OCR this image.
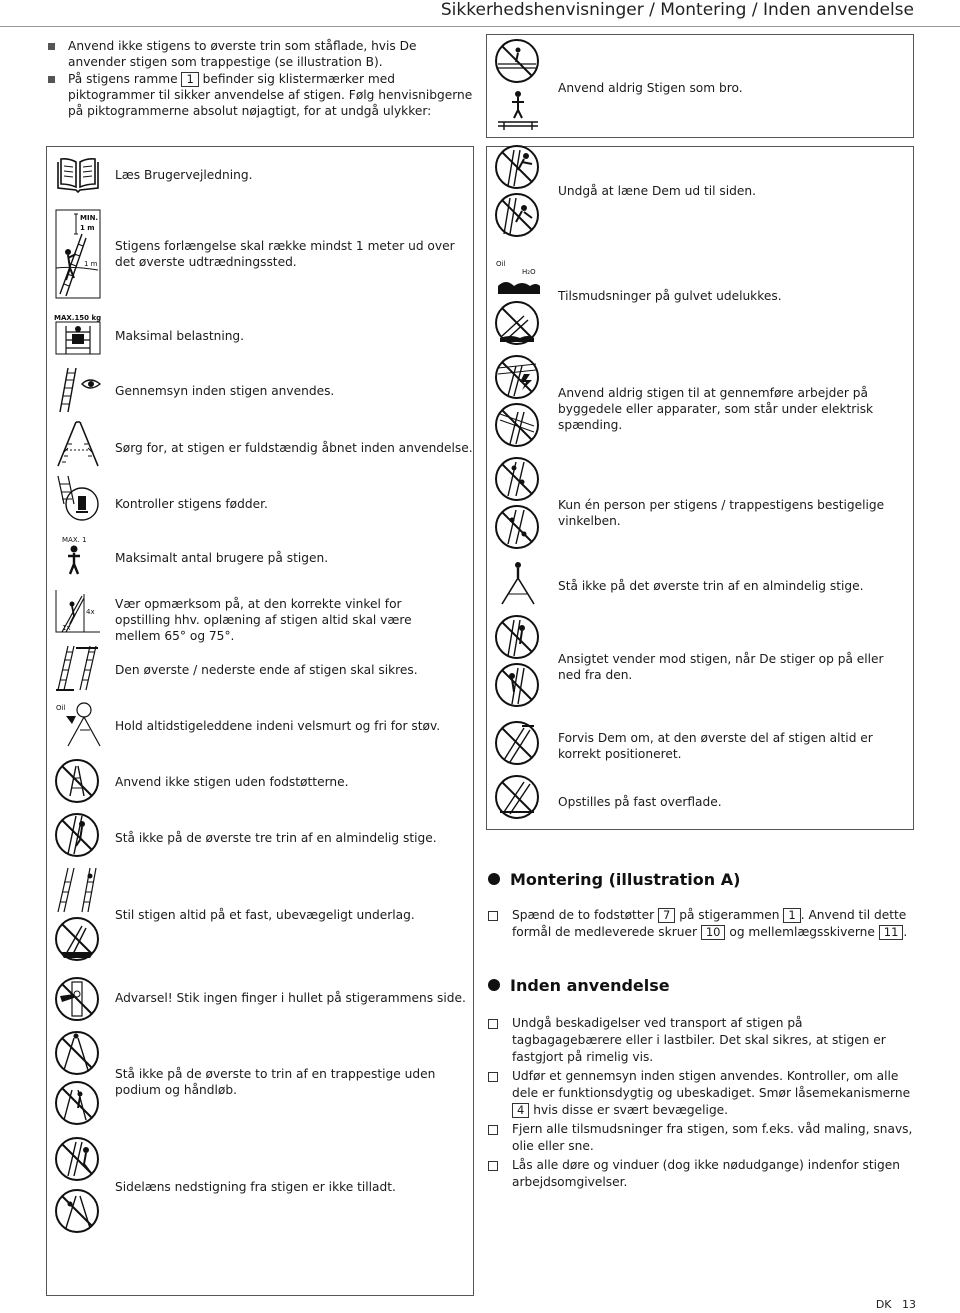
Sikkerhedshenvisninger / Montering / Inden anvendelse
Anvend ikke stigens to øverste trin som ståflade, hvis De anvender stigen som trappestige (se illustration B).
På stigens ramme 1 befinder sig klistermærker med piktogrammer til sikker anvendelse af stigen. Følg henvisnibgerne på piktogrammerne absolut nøjagtigt, for at undgå ulykker:
Læs Brugervejledning.
MIN.
1 m
1 m
Stigens forlængelse skal række mindst 1 meter ud over det øverste udtrædningssted.
MAX.150 kg
Maksimal belastning.
Gennemsyn inden stigen anvendes.
Sørg for, at stigen er fuldstændig åbnet inden anvendelse.
Kontroller stigens fødder.
MAX. 1
Maksimalt antal brugere på stigen.
4x
1x
Vær opmærksom på, at den korrekte vinkel for opstilling hhv. oplæning af stigen altid skal være mellem 65° og 75°.
Den øverste / nederste ende af stigen skal sikres.
Oil
Hold altidstigeleddene indeni velsmurt og fri for støv.
Anvend ikke stigen uden fodstøtterne.
Stå ikke på de øverste tre trin af en almindelig stige.
Stil stigen altid på et fast, ubevægeligt underlag.
Advarsel! Stik ingen finger i hullet på stigerammens side.
Stå ikke på de øverste to trin af en trappestige uden podium og håndløb.
Sidelæns nedstigning fra stigen er ikke tilladt.
Anvend aldrig Stigen som bro.
Undgå at læne Dem ud til siden.
Oil
H₂O
Tilsmudsninger på gulvet udelukkes.
Anvend aldrig stigen til at gennemføre arbejder på byggedele eller apparater, som står under elektrisk spænding.
Kun én person per stigens / trappestigens bestigelige vinkelben.
Stå ikke på det øverste trin af en almindelig stige.
Ansigtet vender mod stigen, når De stiger op på eller ned fra den.
Forvis Dem om, at den øverste del af stigen altid er korrekt positioneret.
Opstilles på fast overflade.
Montering (illustration A)
Spænd de to fodstøtter 7 på stigerammen 1 . Anvend til dette formål de medleverede skruer 10 og mellemlægsskiverne 11 .
Inden anvendelse
Undgå beskadigelser ved transport af stigen på tagbagagebærere eller i lastbiler. Det skal sikres, at stigen er fastgjort på rimelig vis.
Udfør et gennemsyn inden stigen anvendes. Kontroller, om alle dele er funktionsdygtig og ubeskadiget. Smør låsemekanismerne 4 hvis disse er svært bevægelige.
Fjern alle tilsmudsninger fra stigen, som f.eks. våd maling, snavs, olie eller sne.
Lås alle døre og vinduer (dog ikke nødudgange) indenfor stigen arbejdsomgivelser.
DK 13
